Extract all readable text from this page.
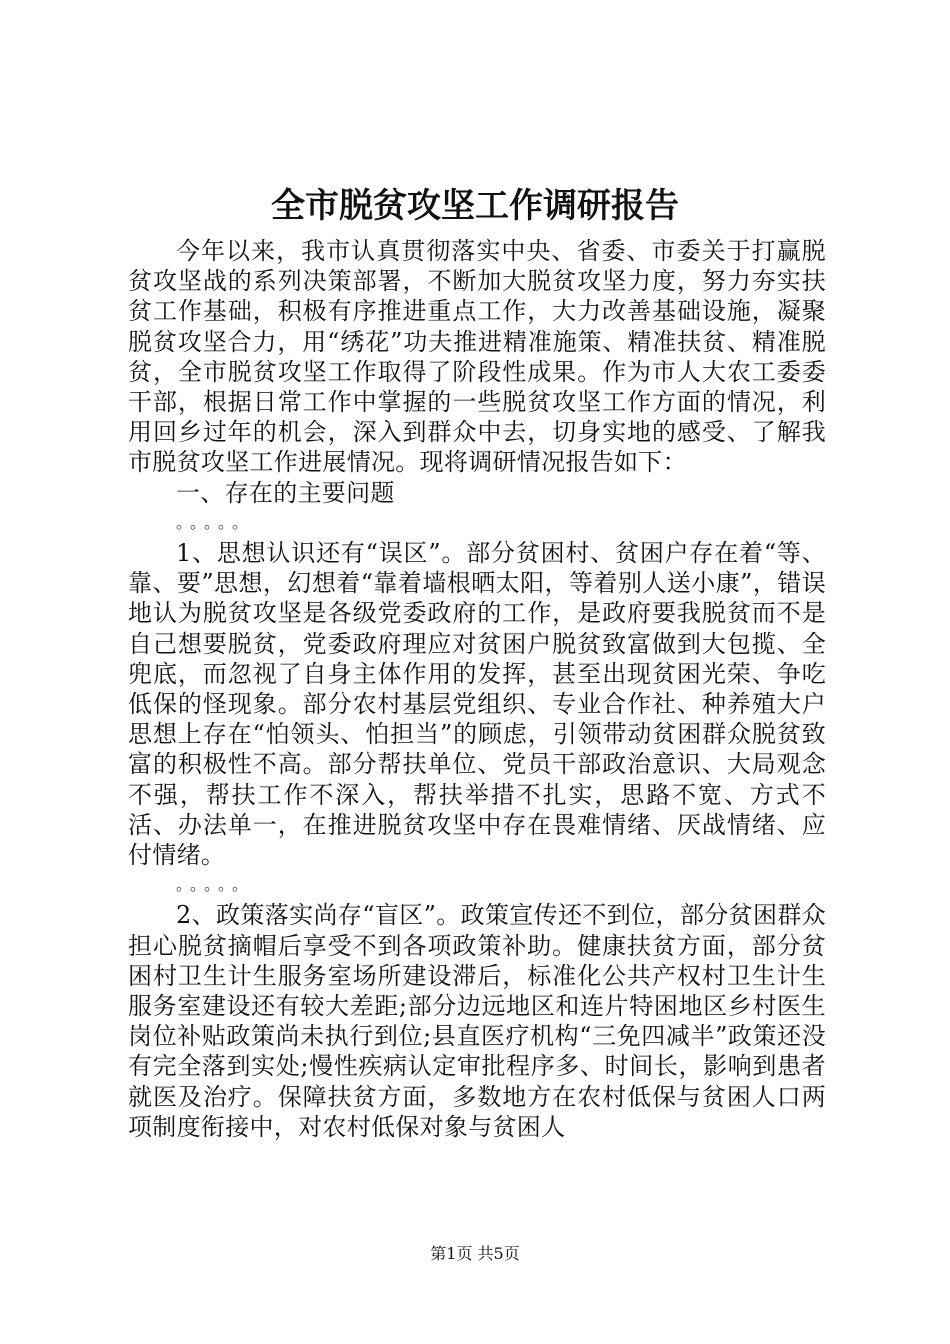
全市脱贫攻坚工作调研报告

今年以来，我市认真贯彻落实中央、省委、市委关于打赢脱贫攻坚战的系列决策部署，不断加大脱贫攻坚力度，努力夯实扶贫工作基础，积极有序推进重点工作，大力改善基础设施，凝聚脱贫攻坚合力，用“绣花”功夫推进精准施策、精准扶贫、精准脱贫，全市脱贫攻坚工作取得了阶段性成果。作为市人大农工委委干部，根据日常工作中掌握的一些脱贫攻坚工作方面的情况，利用回乡过年的机会，深入到群众中去，切身实地的感受、了解我市脱贫攻坚工作进展情况。现将调研情况报告如下：

一、存在的主要问题

。。。。。

1、思想认识还有“误区”。部分贫困村、贫困户存在着“等、靠、要”思想，幻想着“靠着墙根晒太阳，等着别人送小康”，错误地认为脱贫攻坚是各级党委政府的工作，是政府要我脱贫而不是自己想要脱贫，党委政府理应对贫困户脱贫致富做到大包揽、全兜底，而忽视了自身主体作用的发挥，甚至出现贫困光荣、争吃低保的怪现象。部分农村基层党组织、专业合作社、种养殖大户思想上存在“怕领头、怕担当”的顾虑，引领带动贫困群众脱贫致富的积极性不高。部分帮扶单位、党员干部政治意识、大局观念不强，帮扶工作不深入，帮扶举措不扎实，思路不宽、方式不活、办法单一，在推进脱贫攻坚中存在畏难情绪、厌战情绪、应付情绪。

。。。。。

2、政策落实尚存“盲区”。政策宣传还不到位，部分贫困群众担心脱贫摘帽后享受不到各项政策补助。健康扶贫方面，部分贫困村卫生计生服务室场所建设滞后，标准化公共产权村卫生计生服务室建设还有较大差距;部分边远地区和连片特困地区乡村医生岗位补贴政策尚未执行到位;县直医疗机构“三免四减半”政策还没有完全落到实处;慢性疾病认定审批程序多、时间长，影响到患者就医及治疗。保障扶贫方面，多数地方在农村低保与贫困人口两项制度衔接中，对农村低保对象与贫困人

第1页 共5页
